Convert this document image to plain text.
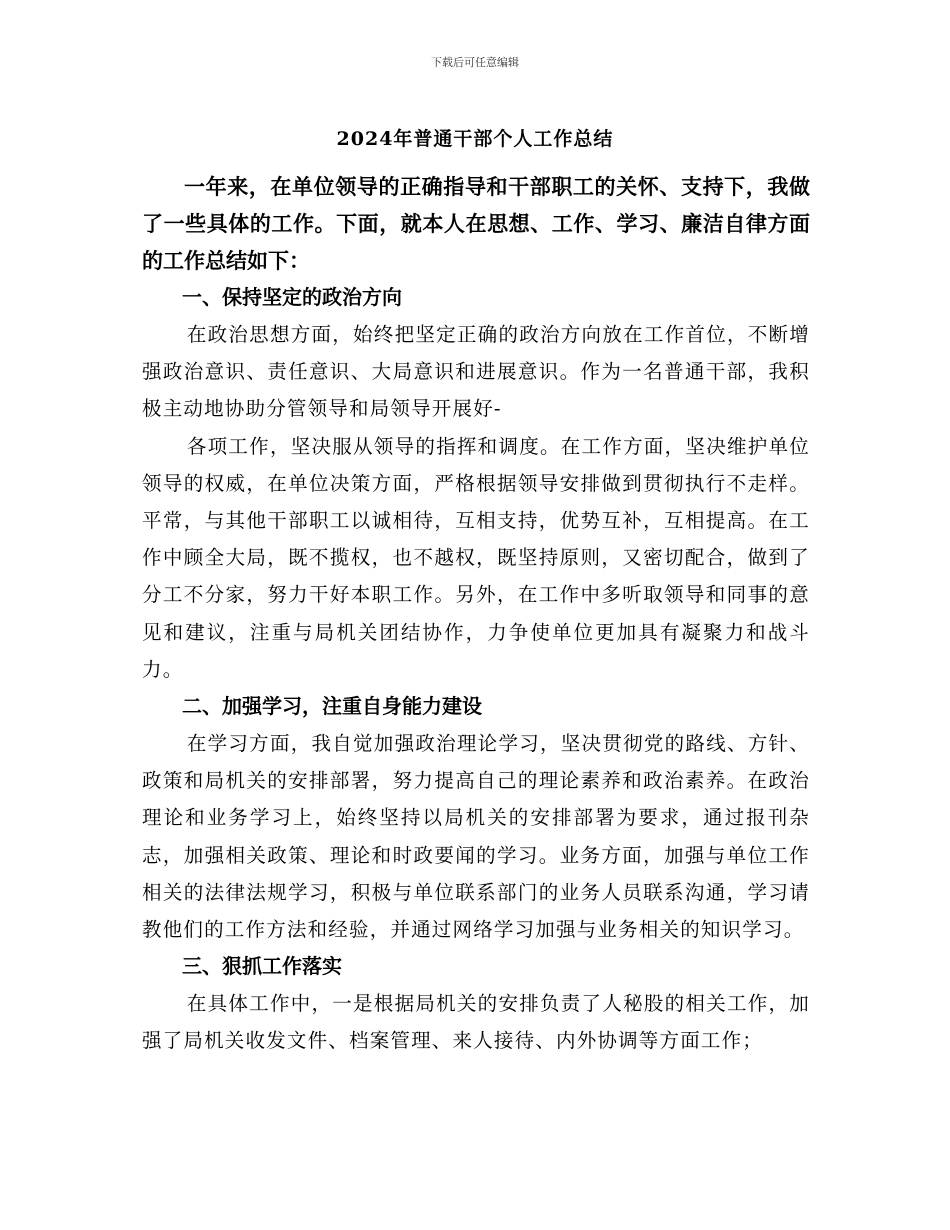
下载后可任意编辑
2024年普通干部个人工作总结

一年来，在单位领导的正确指导和干部职工的关怀、支持下，我做了一些具体的工作。下面，就本人在思想、工作、学习、廉洁自律方面的工作总结如下：

一、保持坚定的政治方向

在政治思想方面，始终把坚定正确的政治方向放在工作首位，不断增强政治意识、责任意识、大局意识和进展意识。作为一名普通干部，我积极主动地协助分管领导和局领导开展好-

各项工作，坚决服从领导的指挥和调度。在工作方面，坚决维护单位领导的权威，在单位决策方面，严格根据领导安排做到贯彻执行不走样。平常，与其他干部职工以诚相待，互相支持，优势互补，互相提高。在工作中顾全大局，既不揽权，也不越权，既坚持原则，又密切配合，做到了分工不分家，努力干好本职工作。另外，在工作中多听取领导和同事的意见和建议，注重与局机关团结协作，力争使单位更加具有凝聚力和战斗力。

二、加强学习，注重自身能力建设

在学习方面，我自觉加强政治理论学习，坚决贯彻党的路线、方针、政策和局机关的安排部署，努力提高自己的理论素养和政治素养。在政治理论和业务学习上，始终坚持以局机关的安排部署为要求，通过报刊杂志，加强相关政策、理论和时政要闻的学习。业务方面，加强与单位工作相关的法律法规学习，积极与单位联系部门的业务人员联系沟通，学习请教他们的工作方法和经验，并通过网络学习加强与业务相关的知识学习。

三、狠抓工作落实

在具体工作中，一是根据局机关的安排负责了人秘股的相关工作，加强了局机关收发文件、档案管理、来人接待、内外协调等方面工作；
